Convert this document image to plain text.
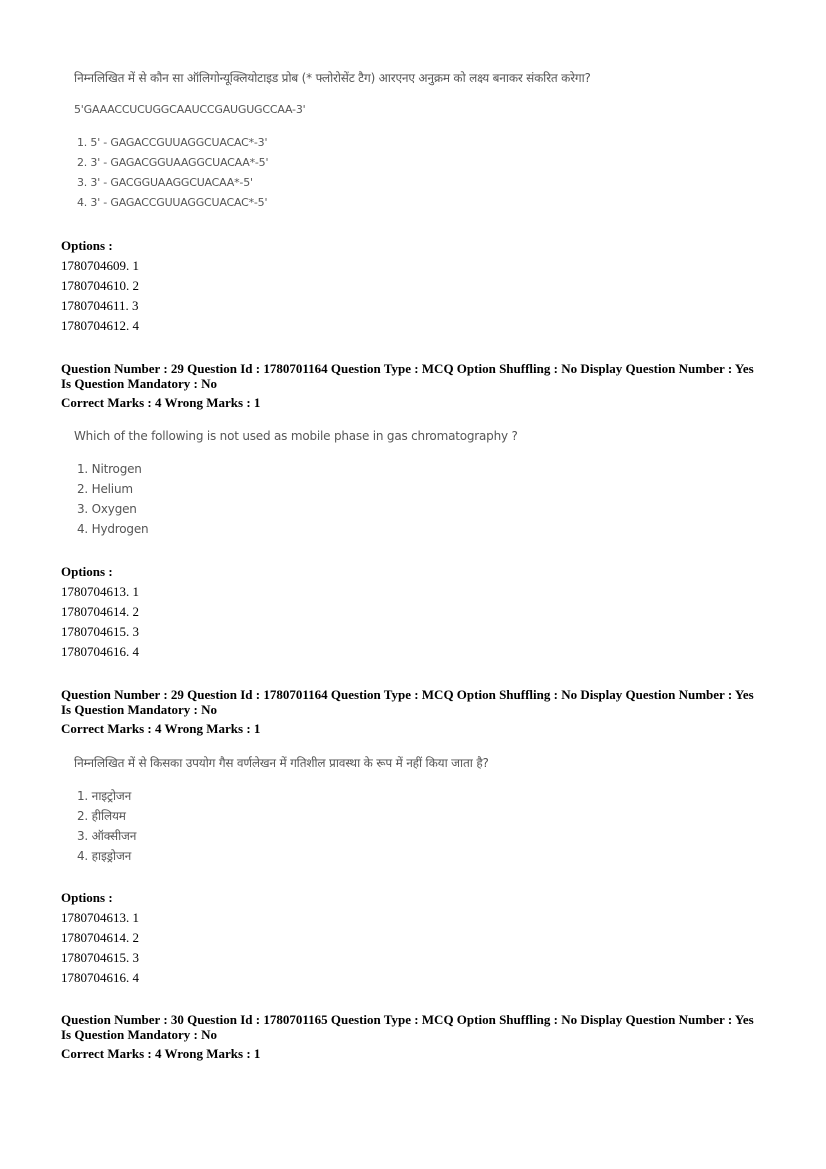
निम्नलिखित में से कौन सा ऑलिगोन्यूक्लियोटाइड प्रोब (* फ्लोरोसेंट टैग) आरएनए अनुक्रम को लक्ष्य बनाकर संकरित करेगा?
5'GAAACCUCUGGCAAUCCGAUGUGCCAA-3'
1. 5' - GAGACCGUUAGGCUACAC*-3'
2. 3' - GAGACGGUAAGGCUACAA*-5'
3. 3' - GACGGUAAGGCUACAA*-5'
4. 3' - GAGACCGUUAGGCUACAC*-5'
Options :
1780704609. 1
1780704610. 2
1780704611. 3
1780704612. 4
Question Number : 29 Question Id : 1780701164 Question Type : MCQ Option Shuffling : No Display Question Number : Yes
Is Question Mandatory : No
Correct Marks : 4 Wrong Marks : 1
Which of the following is not used as mobile phase in gas chromatography ?
1. Nitrogen
2. Helium
3. Oxygen
4. Hydrogen
Options :
1780704613. 1
1780704614. 2
1780704615. 3
1780704616. 4
Question Number : 29 Question Id : 1780701164 Question Type : MCQ Option Shuffling : No Display Question Number : Yes
Is Question Mandatory : No
Correct Marks : 4 Wrong Marks : 1
निम्नलिखित में से किसका उपयोग गैस वर्णलेखन में गतिशील प्रावस्था के रूप में नहीं किया जाता है?
1. नाइट्रोजन
2. हीलियम
3. ऑक्सीजन
4. हाइड्रोजन
Options :
1780704613. 1
1780704614. 2
1780704615. 3
1780704616. 4
Question Number : 30 Question Id : 1780701165 Question Type : MCQ Option Shuffling : No Display Question Number : Yes
Is Question Mandatory : No
Correct Marks : 4 Wrong Marks : 1
